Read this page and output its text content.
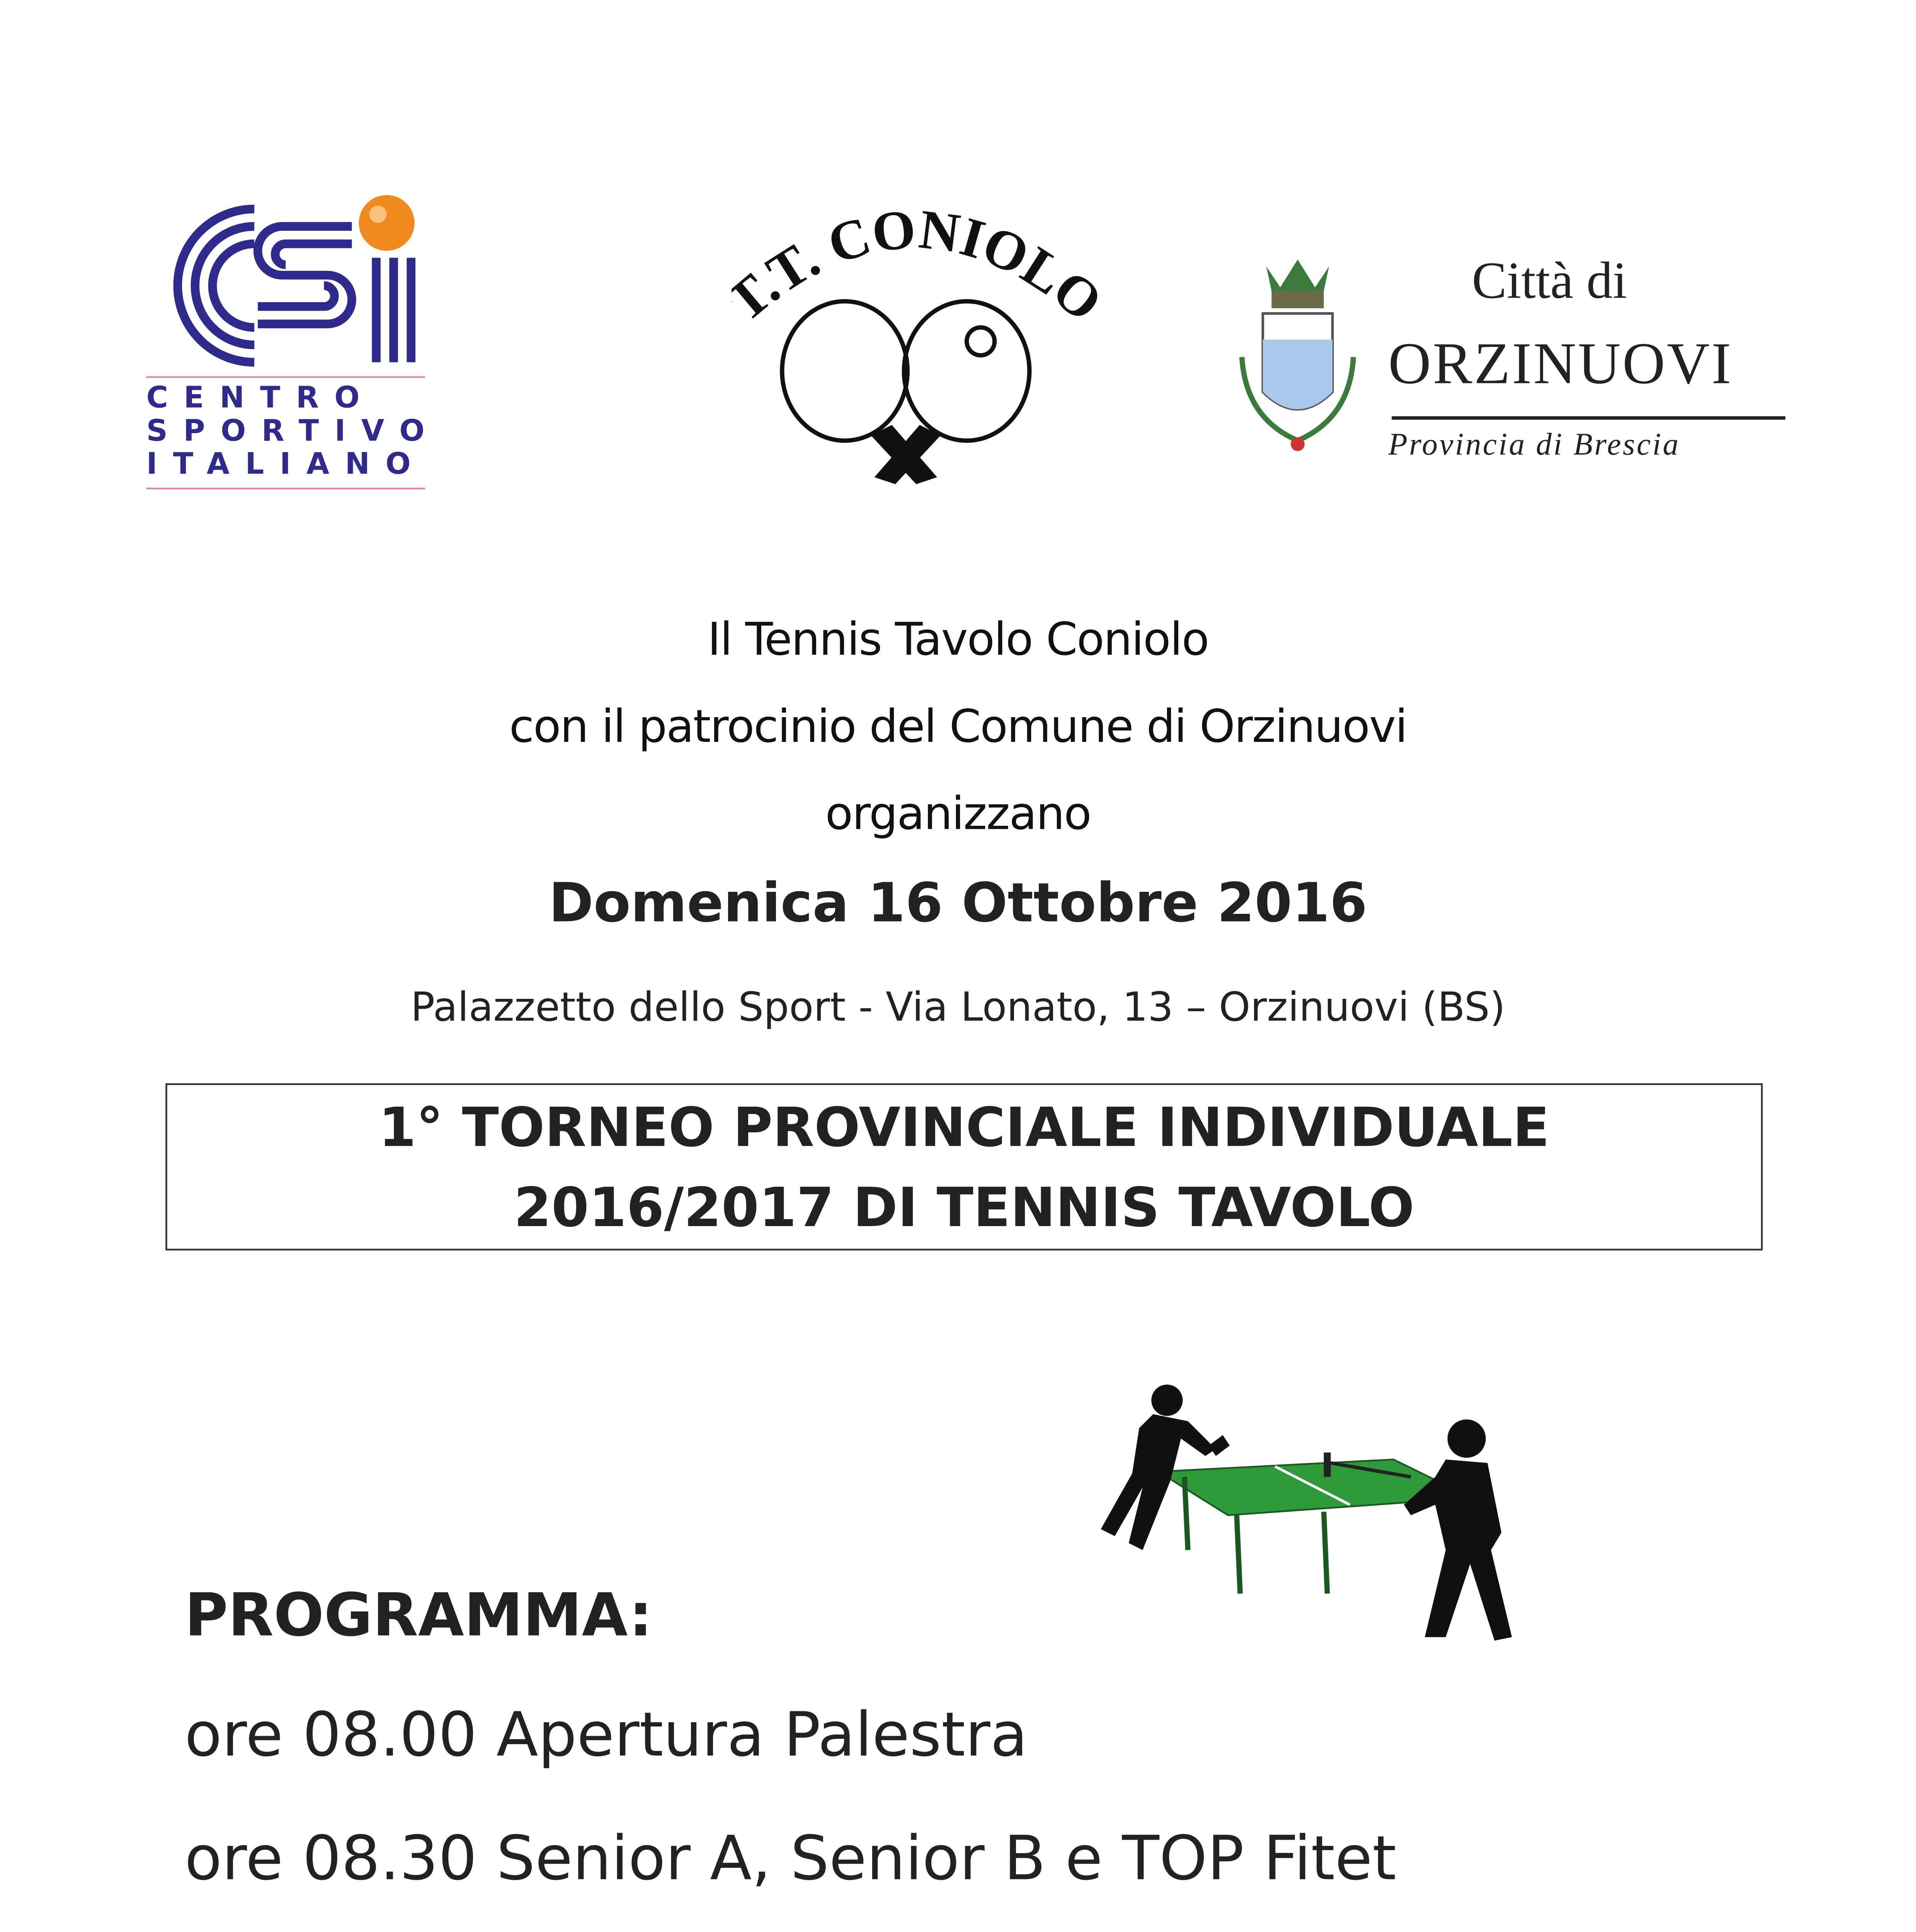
CENTRO
SPORTIVO
ITALIANO
.T. CONIOL	Città di
ORZINUOVI
Provincia di Brescia
Il Tennis Tavolo Coniolo
con il patrocinio del Comune di Orzinuovi
organizzano
Domenica 16 Ottobre 2016
Palazzetto dello Sport - Via Lonato, 13 – Orzinuovi (BS)
1° TORNEO PROVINCIALE INDIVIDUALE
2016/2017 DI TENNIS TAVOLO
PROGRAMMA:
ore 08.00 Apertura Palestra
ore 08.30 Senior A, Senior B e TOP Fitet
